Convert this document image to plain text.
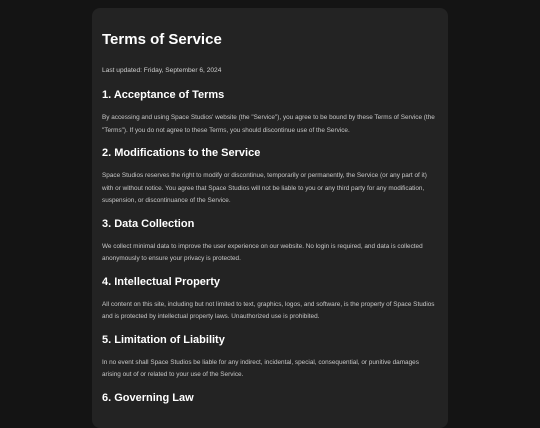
Terms of Service

Last updated: Friday, September 6, 2024

1. Acceptance of Terms

By accessing and using Space Studios' website (the "Service"), you agree to be bound by these Terms of Service (the "Terms"). If you do not agree to these Terms, you should discontinue use of the Service.

2. Modifications to the Service

Space Studios reserves the right to modify or discontinue, temporarily or permanently, the Service (or any part of it) with or without notice. You agree that Space Studios will not be liable to you or any third party for any modification, suspension, or discontinuance of the Service.

3. Data Collection

We collect minimal data to improve the user experience on our website. No login is required, and data is collected anonymously to ensure your privacy is protected.

4. Intellectual Property

All content on this site, including but not limited to text, graphics, logos, and software, is the property of Space Studios and is protected by intellectual property laws. Unauthorized use is prohibited.

5. Limitation of Liability

In no event shall Space Studios be liable for any indirect, incidental, special, consequential, or punitive damages arising out of or related to your use of the Service.

6. Governing Law
